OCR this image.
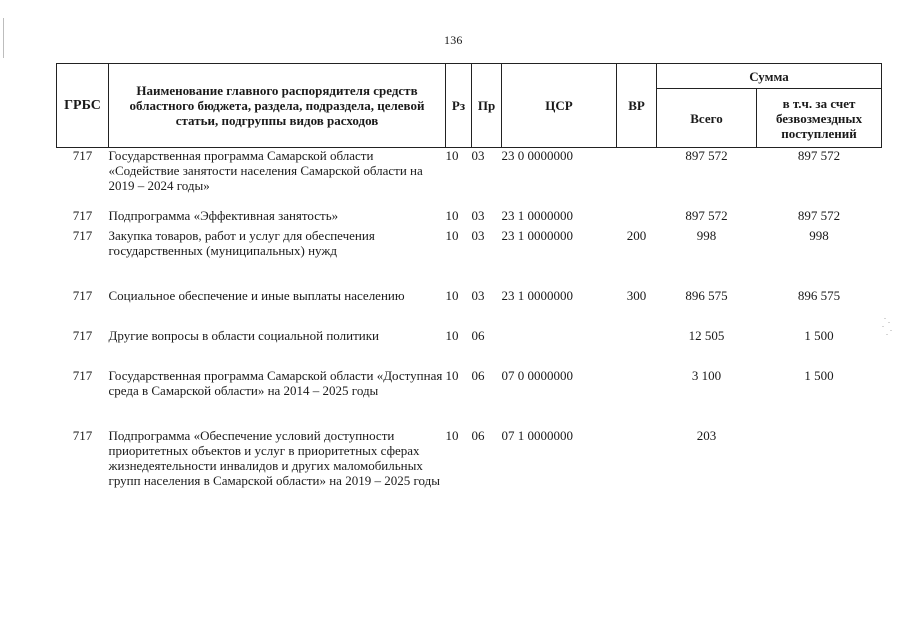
136
ГРБС	Наименование главного распорядителя средств областного бюджета, раздела, подраздела, целевой статьи, подгруппы видов расходов	Рз	Пр	ЦСР	ВР	Сумма	
						Всего	в т.ч. за счет безвозмездных поступлений
717	Государственная программа Самарской области «Содействие занятости населения Самарской области на 2019 – 2024 годы»	10	03	23 0 0000000		897 572	897 572
717	Подпрограмма «Эффективная занятость»	10	03	23 1 0000000		897 572	897 572
717	Закупка товаров, работ и услуг для обеспечения государственных (муниципальных) нужд	10	03	23 1 0000000	200	998	998
717	Социальное обеспечение и иные выплаты населению	10	03	23 1 0000000	300	896 575	896 575
717	Другие вопросы в области социальной политики	10	06			12 505	1 500
717	Государственная программа Самарской области «Доступная среда в Самарской области» на 2014 – 2025 годы	10	06	07 0 0000000		3 100	1 500
717	Подпрограмма «Обеспечение условий доступности приоритетных объектов и услуг в приоритетных сферах жизнедеятельности инвалидов и других маломобильных групп населения в Самарской области» на 2019 – 2025 годы	10	06	07 1 0000000		203	
